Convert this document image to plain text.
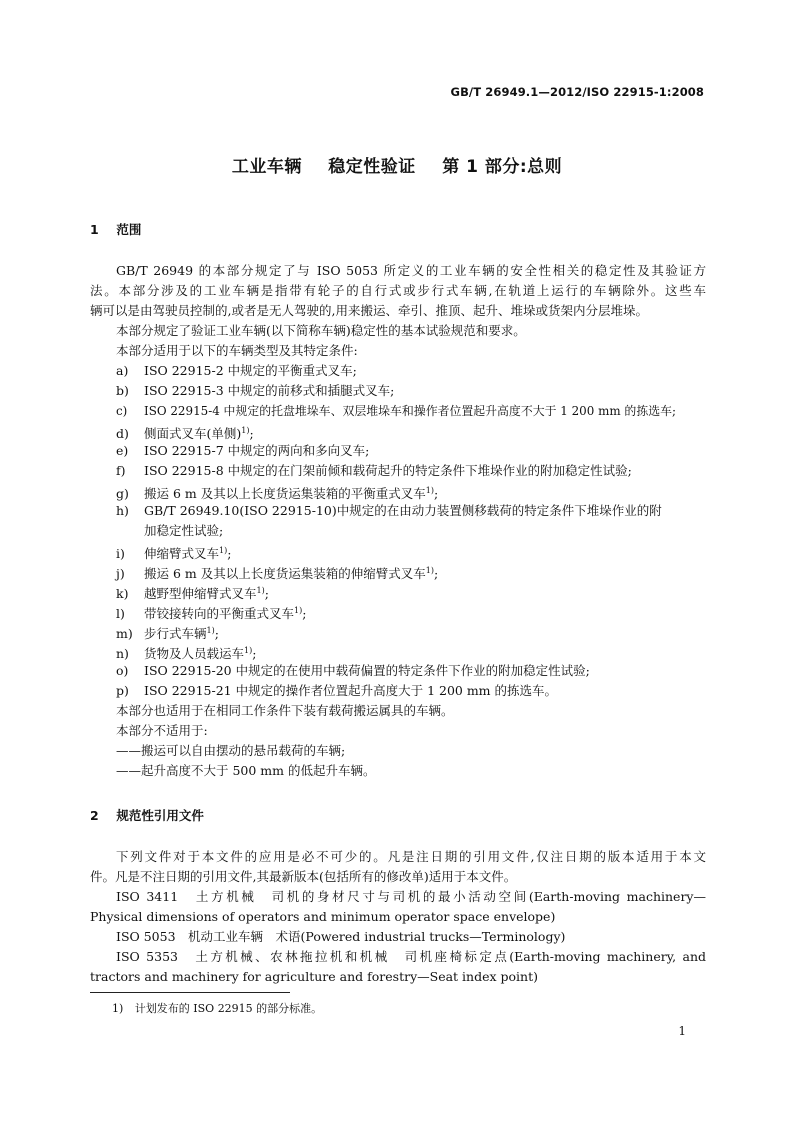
GB/T 26949.1—2012/ISO 22915-1:2008
工业车辆 稳定性验证 第 1 部分:总则
1 范围
GB/T 26949 的本部分规定了与 ISO 5053 所定义的工业车辆的安全性相关的稳定性及其验证方
法。本部分涉及的工业车辆是指带有轮子的自行式或步行式车辆,在轨道上运行的车辆除外。这些车
辆可以是由驾驶员控制的,或者是无人驾驶的,用来搬运、牵引、推顶、起升、堆垛或货架内分层堆垛。
本部分规定了验证工业车辆(以下简称车辆)稳定性的基本试验规范和要求。
本部分适用于以下的车辆类型及其特定条件:
a) ISO 22915-2 中规定的平衡重式叉车;
b) ISO 22915-3 中规定的前移式和插腿式叉车;
c) ISO 22915-4 中规定的托盘堆垛车、双层堆垛车和操作者位置起升高度不大于 1 200 mm 的拣选车;
d) 侧面式叉车(单侧)$^{1)}$;
e) ISO 22915-7 中规定的两向和多向叉车;
f) ISO 22915-8 中规定的在门架前倾和载荷起升的特定条件下堆垛作业的附加稳定性试验;
g) 搬运 6 m 及其以上长度货运集装箱的平衡重式叉车$^{1)}$;
h) GB/T 26949.10(ISO 22915-10)中规定的在由动力装置侧移载荷的特定条件下堆垛作业的附
加稳定性试验;
i) 伸缩臂式叉车$^{1)}$;
j) 搬运 6 m 及其以上长度货运集装箱的伸缩臂式叉车$^{1)}$;
k) 越野型伸缩臂式叉车$^{1)}$;
l) 带铰接转向的平衡重式叉车$^{1)}$;
m) 步行式车辆$^{1)}$;
n) 货物及人员载运车$^{1)}$;
o) ISO 22915-20 中规定的在使用中载荷偏置的特定条件下作业的附加稳定性试验;
p) ISO 22915-21 中规定的操作者位置起升高度大于 1 200 mm 的拣选车。
本部分也适用于在相同工作条件下装有载荷搬运属具的车辆。
本部分不适用于:
——搬运可以自由摆动的悬吊载荷的车辆;
——起升高度不大于 500 mm 的低起升车辆。
2 规范性引用文件
下列文件对于本文件的应用是必不可少的。凡是注日期的引用文件,仅注日期的版本适用于本文
件。凡是不注日期的引用文件,其最新版本(包括所有的修改单)适用于本文件。
ISO 3411　土方机械　司机的身材尺寸与司机的最小活动空间(Earth-moving machinery—
Physical dimensions of operators and minimum operator space envelope)
ISO 5053　机动工业车辆　术语(Powered industrial trucks—Terminology)
ISO 5353　土方机械、农林拖拉机和机械　司机座椅标定点(Earth-moving machinery, and
tractors and machinery for agriculture and forestry—Seat index point)
1) 计划发布的 ISO 22915 的部分标准。
1
